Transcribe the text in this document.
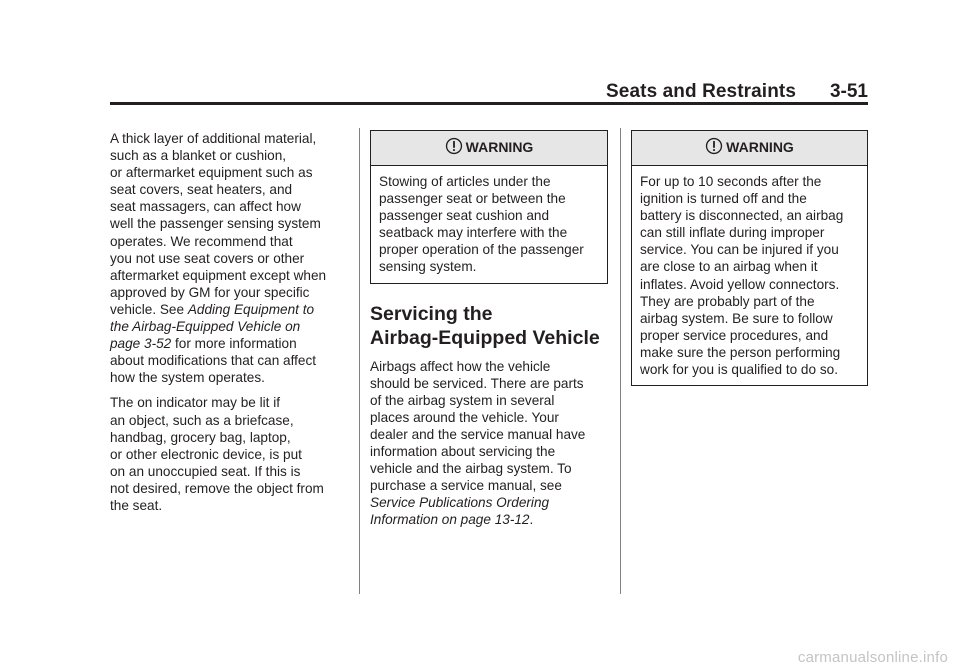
Seats and Restraints 3-51

A thick layer of additional material,
such as a blanket or cushion,
or aftermarket equipment such as
seat covers, seat heaters, and
seat massagers, can affect how
well the passenger sensing system
operates. We recommend that
you not use seat covers or other
aftermarket equipment except when
approved by GM for your specific
vehicle. See Adding Equipment to
the Airbag-Equipped Vehicle on
page 3-52 for more information
about modifications that can affect
how the system operates.

The on indicator may be lit if
an object, such as a briefcase,
handbag, grocery bag, laptop,
or other electronic device, is put
on an unoccupied seat. If this is
not desired, remove the object from
the seat.

WARNING
Stowing of articles under the
passenger seat or between the
passenger seat cushion and
seatback may interfere with the
proper operation of the passenger
sensing system.
Servicing the
Airbag-Equipped Vehicle

Airbags affect how the vehicle
should be serviced. There are parts
of the airbag system in several
places around the vehicle. Your
dealer and the service manual have
information about servicing the
vehicle and the airbag system. To
purchase a service manual, see
Service Publications Ordering
Information on page 13-12.

WARNING
For up to 10 seconds after the
ignition is turned off and the
battery is disconnected, an airbag
can still inflate during improper
service. You can be injured if you
are close to an airbag when it
inflates. Avoid yellow connectors.
They are probably part of the
airbag system. Be sure to follow
proper service procedures, and
make sure the person performing
work for you is qualified to do so.
carmanualsonline.info
